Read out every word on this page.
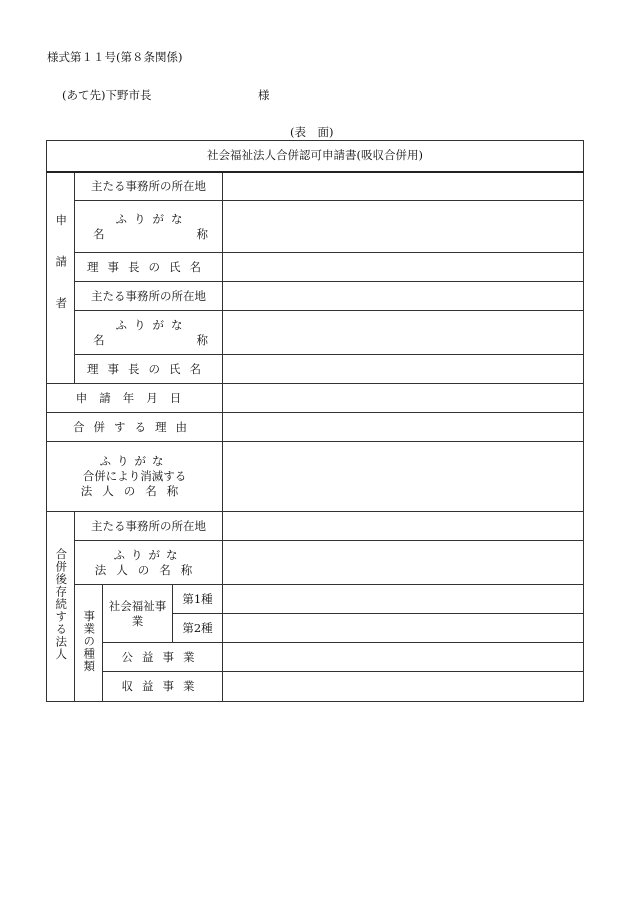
様式第１１号(第８条関係)
(あて先)下野市長	様
(表　面)
社会福祉法人合併認可申請書(吸収合併用)				
申請者	主たる事務所の所在地			

	ふりがな
名 称			

	理事長の氏名			
	主たる事務所の所在地			

	ふりがな
名 称			

	理事長の氏名			
申請年月日				
合併する理由				

ふりがな
合併により消滅する
法人の名称				

合併後存続する法人	主たる事務所の所在地			

	ふりがな
法人の名称			

	事業の種類	社会福祉事業	第1種	
			第2種	
		公益事業		
		収益事業		
